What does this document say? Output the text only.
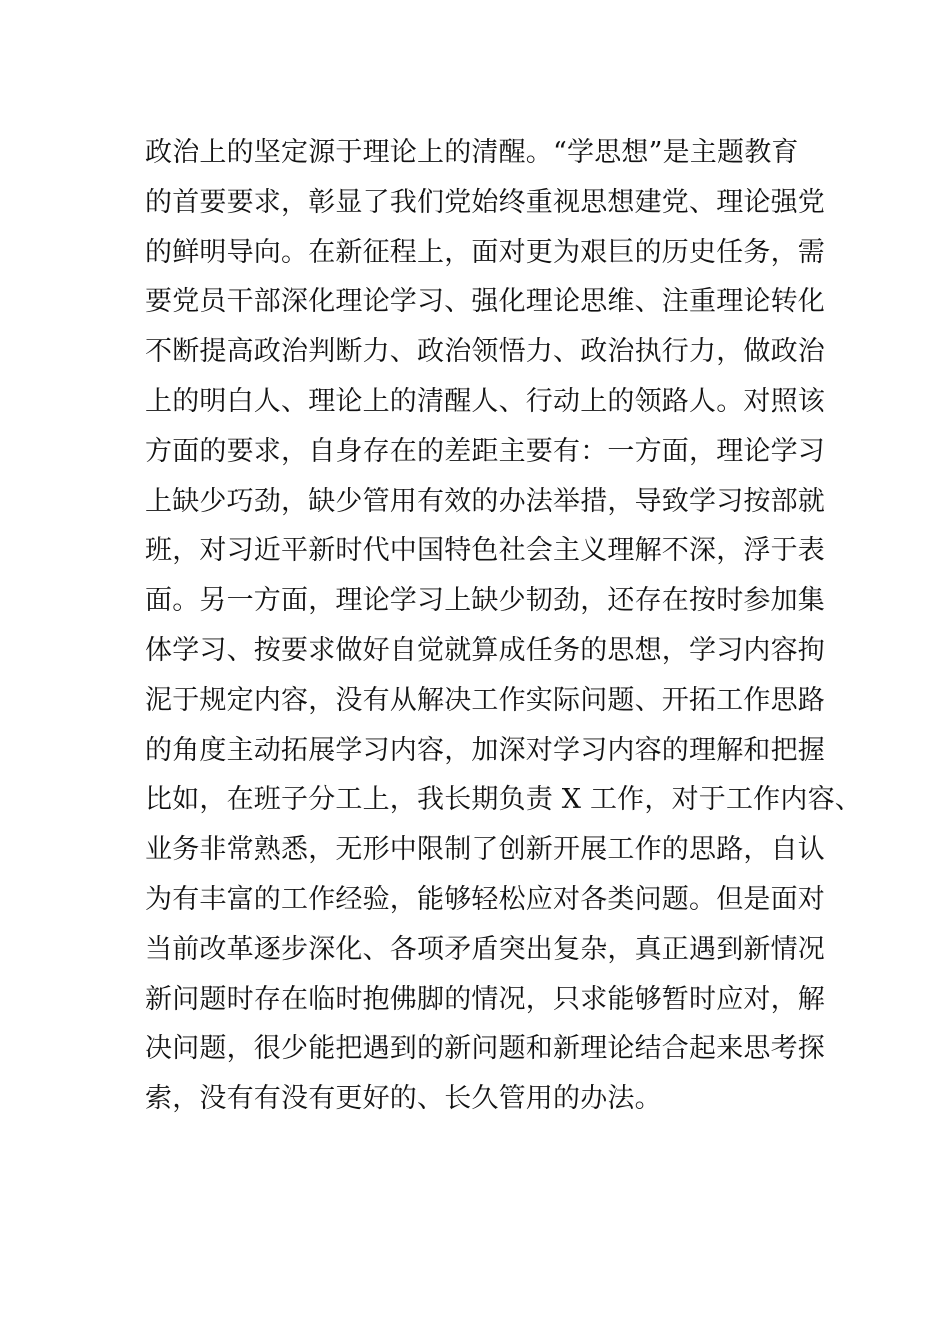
政治上的坚定源于理论上的清醒。“学思想”是主题教育
的首要要求，彰显了我们党始终重视思想建党、理论强党
的鲜明导向。在新征程上，面对更为艰巨的历史任务，需
要党员干部深化理论学习、强化理论思维、注重理论转化
不断提高政治判断力、政治领悟力、政治执行力，做政治
上的明白人、理论上的清醒人、行动上的领路人。对照该
方面的要求，自身存在的差距主要有：一方面，理论学习
上缺少巧劲，缺少管用有效的办法举措，导致学习按部就
班，对习近平新时代中国特色社会主义理解不深，浮于表
面。另一方面，理论学习上缺少韧劲，还存在按时参加集
体学习、按要求做好自觉就算成任务的思想，学习内容拘
泥于规定内容，没有从解决工作实际问题、开拓工作思路
的角度主动拓展学习内容，加深对学习内容的理解和把握
比如，在班子分工上，我长期负责 X 工作，对于工作内容、
业务非常熟悉，无形中限制了创新开展工作的思路，自认
为有丰富的工作经验，能够轻松应对各类问题。但是面对
当前改革逐步深化、各项矛盾突出复杂，真正遇到新情况
新问题时存在临时抱佛脚的情况，只求能够暂时应对，解
决问题，很少能把遇到的新问题和新理论结合起来思考探
索，没有有没有更好的、长久管用的办法。
